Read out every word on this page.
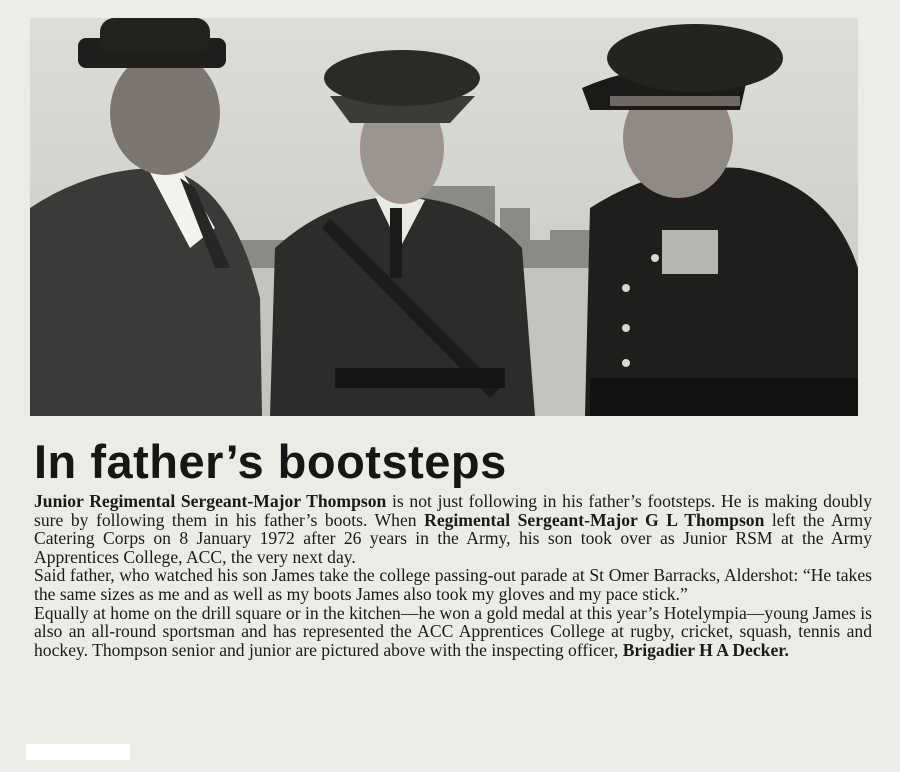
In father’s bootsteps

Junior Regimental Sergeant-Major Thompson is not just following in his father’s footsteps. He is making doubly sure by following them in his father’s boots. When Regimental Sergeant-Major G L Thompson left the Army Catering Corps on 8 January 1972 after 26 years in the Army, his son took over as Junior RSM at the Army Apprentices College, ACC, the very next day.

Said father, who watched his son James take the college passing-out parade at St Omer Barracks, Aldershot: “He takes the same sizes as me and as well as my boots James also took my gloves and my pace stick.”

Equally at home on the drill square or in the kitchen—he won a gold medal at this year’s Hotelympia—young James is also an all-round sportsman and has represented the ACC Apprentices College at rugby, cricket, squash, tennis and hockey. Thompson senior and junior are pictured above with the inspecting officer, Brigadier H A Decker.
